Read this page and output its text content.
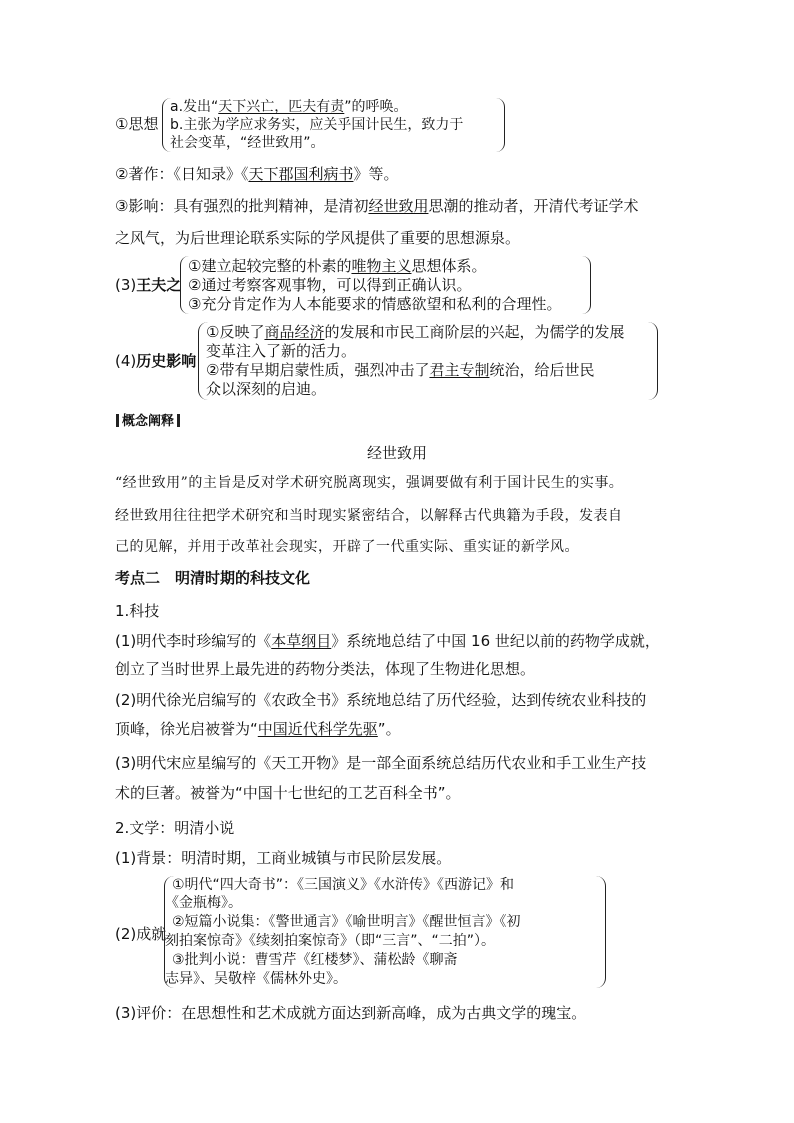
①思想
a.发出“天下兴亡，匹夫有责”的呼唤。
b.主张为学应求务实，应关乎国计民生，致力于
社会变革，“经世致用”。
②著作：《日知录》《天下郡国利病书》等。
③影响：具有强烈的批判精神，是清初经世致用思潮的推动者，开清代考证学术
之风气，为后世理论联系实际的学风提供了重要的思想源泉。
(3)王夫之
①建立起较完整的朴素的唯物主义思想体系。
②通过考察客观事物，可以得到正确认识。
③充分肯定作为人本能要求的情感欲望和私利的合理性。
(4)历史影响
①反映了商品经济的发展和市民工商阶层的兴起，为儒学的发展
变革注入了新的活力。
②带有早期启蒙性质，强烈冲击了君主专制统治，给后世民
众以深刻的启迪。
概念阐释
经世致用
“经世致用”的主旨是反对学术研究脱离现实，强调要做有利于国计民生的实事。
经世致用往往把学术研究和当时现实紧密结合，以解释古代典籍为手段，发表自
己的见解，并用于改革社会现实，开辟了一代重实际、重实证的新学风。
考点二　明清时期的科技文化
1.科技
(1)明代李时珍编写的《本草纲目》系统地总结了中国 16 世纪以前的药物学成就，
创立了当时世界上最先进的药物分类法，体现了生物进化思想。
(2)明代徐光启编写的《农政全书》系统地总结了历代经验，达到传统农业科技的
顶峰，徐光启被誉为“中国近代科学先驱”。
(3)明代宋应星编写的《天工开物》是一部全面系统总结历代农业和手工业生产技
术的巨著。被誉为“中国十七世纪的工艺百科全书”。
2.文学：明清小说
(1)背景：明清时期，工商业城镇与市民阶层发展。
(2)成就
①明代“四大奇书”：《三国演义》《水浒传》《西游记》和
《金瓶梅》。
②短篇小说集：《警世通言》《喻世明言》《醒世恒言》《初
刻拍案惊奇》《续刻拍案惊奇》（即“三言”、“二拍”）。
③批判小说：曹雪芹《红楼梦》、蒲松龄《聊斋
志异》、吴敬梓《儒林外史》。
(3)评价：在思想性和艺术成就方面达到新高峰，成为古典文学的瑰宝。
